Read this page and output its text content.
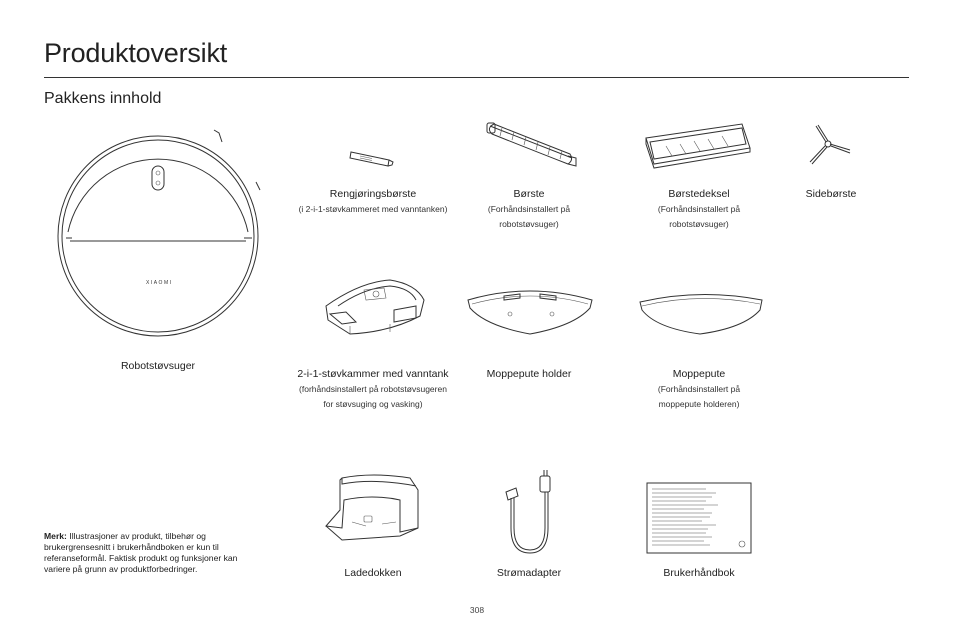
Produktoversikt
Pakkens innhold
XIAOMI
Robotstøvsuger
Rengjøringsbørste
(i 2-i-1-støvkammeret med vanntanken)
Børste
(Forhåndsinstallert på
robotstøvsuger)
Børstedeksel
(Forhåndsinstallert på
robotstøvsuger)
Sidebørste
2-i-1-støvkammer med vanntank
(forhåndsinstallert på robotstøvsugeren
for støvsuging og vasking)
Moppepute holder	Moppepute
(Forhåndsinstallert på
moppepute holderen)
Ladedokken	Strømadapter	Brukerhåndbok
Merk: Illustrasjoner av produkt, tilbehør og brukergrensesnitt i brukerhåndboken er kun til referanseformål. Faktisk produkt og funksjoner kan variere på grunn av produktforbedringer.
308
